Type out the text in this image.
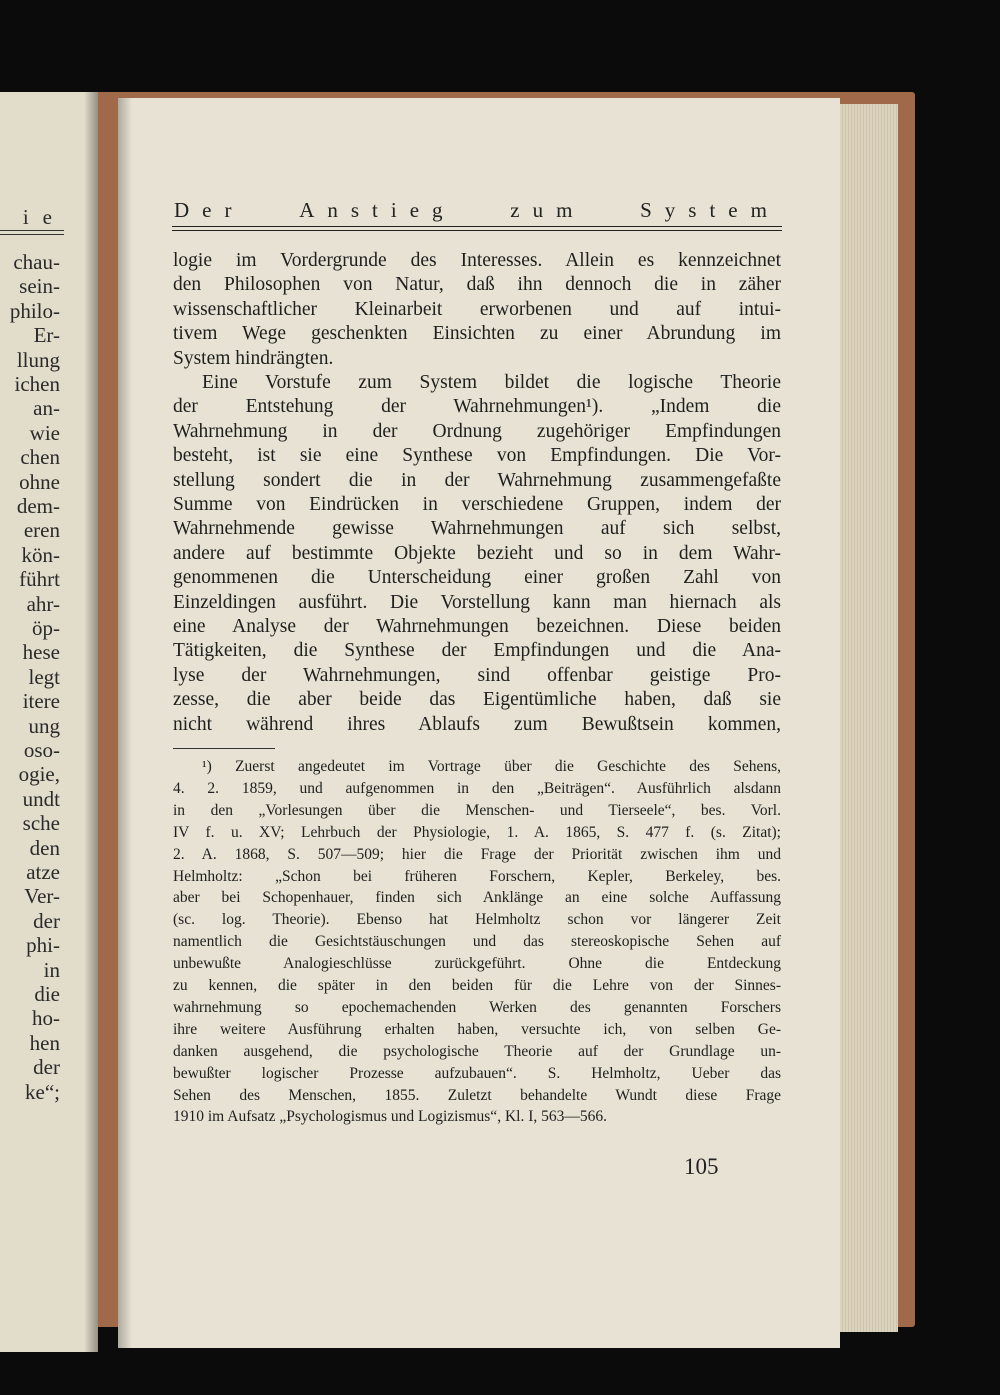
ie
chau-
sein-
philo-
Er-
llung
ichen
an-
wie
chen
ohne
dem-
eren
kön-
führt
ahr-
öp-
hese
legt
itere
ung
oso-
ogie,
undt
sche
den
atze
Ver-
der
phi-
in
die
ho-
hen
der
ke“;
Der	Anstieg	zum	System
logie im Vordergrunde des Interesses. Allein es kennzeichnet
den Philosophen von Natur, daß ihn dennoch die in zäher
wissenschaftlicher Kleinarbeit erworbenen und auf intui-
tivem Wege geschenkten Einsichten zu einer Abrundung im
System hindrängten.
Eine Vorstufe zum System bildet die logische Theorie
der Entstehung der Wahrnehmungen¹). „Indem die
Wahrnehmung in der Ordnung zugehöriger Empfindungen
besteht, ist sie eine Synthese von Empfindungen. Die Vor-
stellung sondert die in der Wahrnehmung zusammengefaßte
Summe von Eindrücken in verschiedene Gruppen, indem der
Wahrnehmende gewisse Wahrnehmungen auf sich selbst,
andere auf bestimmte Objekte bezieht und so in dem Wahr-
genommenen die Unterscheidung einer großen Zahl von
Einzeldingen ausführt. Die Vorstellung kann man hiernach als
eine Analyse der Wahrnehmungen bezeichnen. Diese beiden
Tätigkeiten, die Synthese der Empfindungen und die Ana-
lyse der Wahrnehmungen, sind offenbar geistige Pro-
zesse, die aber beide das Eigentümliche haben, daß sie
nicht während ihres Ablaufs zum Bewußtsein kommen,
¹) Zuerst angedeutet im Vortrage über die Geschichte des Sehens,
4. 2. 1859, und aufgenommen in den „Beiträgen“. Ausführlich alsdann
in den „Vorlesungen über die Menschen- und Tierseele“, bes. Vorl.
IV f. u. XV; Lehrbuch der Physiologie, 1. A. 1865, S. 477 f. (s. Zitat);
2. A. 1868, S. 507—509; hier die Frage der Priorität zwischen ihm und
Helmholtz: „Schon bei früheren Forschern, Kepler, Berkeley, bes.
aber bei Schopenhauer, finden sich Anklänge an eine solche Auffassung
(sc. log. Theorie). Ebenso hat Helmholtz schon vor längerer Zeit
namentlich die Gesichtstäuschungen und das stereoskopische Sehen auf
unbewußte Analogieschlüsse zurückgeführt. Ohne die Entdeckung
zu kennen, die später in den beiden für die Lehre von der Sinnes-
wahrnehmung so epochemachenden Werken des genannten Forschers
ihre weitere Ausführung erhalten haben, versuchte ich, von selben Ge-
danken ausgehend, die psychologische Theorie auf der Grundlage un-
bewußter logischer Prozesse aufzubauen“. S. Helmholtz, Ueber das
Sehen des Menschen, 1855. Zuletzt behandelte Wundt diese Frage
1910 im Aufsatz „Psychologismus und Logizismus“, Kl. I, 563—566.
105
